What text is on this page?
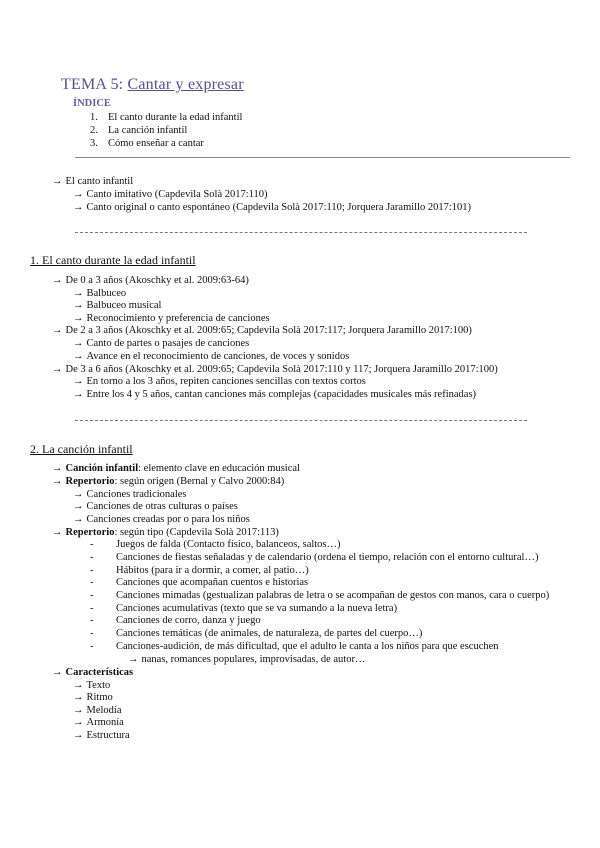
TEMA 5: Cantar y expresar
ÍNDICE
1. El canto durante la edad infantil
2. La canción infantil
3. Cómo enseñar a cantar
→ El canto infantil
→ Canto imitativo (Capdevila Solà 2017:110)
→ Canto original o canto espontáneo (Capdevila Solà 2017:110; Jorquera Jaramillo 2017:101)
1. El canto durante la edad infantil
→ De 0 a 3 años (Akoschky et al. 2009:63-64)
→ Balbuceo
→ Balbuceo musical
→ Reconocimiento y preferencia de canciones
→ De 2 a 3 años (Akoschky et al. 2009:65; Capdevila Solà 2017:117; Jorquera Jaramillo 2017:100)
→ Canto de partes o pasajes de canciones
→ Avance en el reconocimiento de canciones, de voces y sonidos
→ De 3 a 6 años (Akoschky et al. 2009:65; Capdevila Solà 2017:110 y 117; Jorquera Jaramillo 2017:100)
→ En torno a los 3 años, repiten canciones sencillas con textos cortos
→ Entre los 4 y 5 años, cantan canciones más complejas (capacidades musicales más refinadas)
2. La canción infantil
→ Canción infantil: elemento clave en educación musical
→ Repertorio: según origen (Bernal y Calvo 2000:84)
→ Canciones tradicionales
→ Canciones de otras culturas o países
→ Canciones creadas por o para los niños
→ Repertorio: según tipo (Capdevila Solà 2017:113)
- Juegos de falda (Contacto físico, balanceos, saltos…)
- Canciones de fiestas señaladas y de calendario (ordena el tiempo, relación con el entorno cultural…)
- Hábitos (para ir a dormir, a comer, al patio…)
- Canciones que acompañan cuentos e historias
- Canciones mimadas (gestualizan palabras de letra o se acompañan de gestos con manos, cara o cuerpo)
- Canciones acumulativas (texto que se va sumando a la nueva letra)
- Canciones de corro, danza y juego
- Canciones temáticas (de animales, de naturaleza, de partes del cuerpo…)
- Canciones-audición, de más dificultad, que el adulto le canta a los niños para que escuchen
→ nanas, romances populares, improvisadas, de autor…
→ Características
→ Texto
→ Ritmo
→ Melodía
→ Armonía
→ Estructura
